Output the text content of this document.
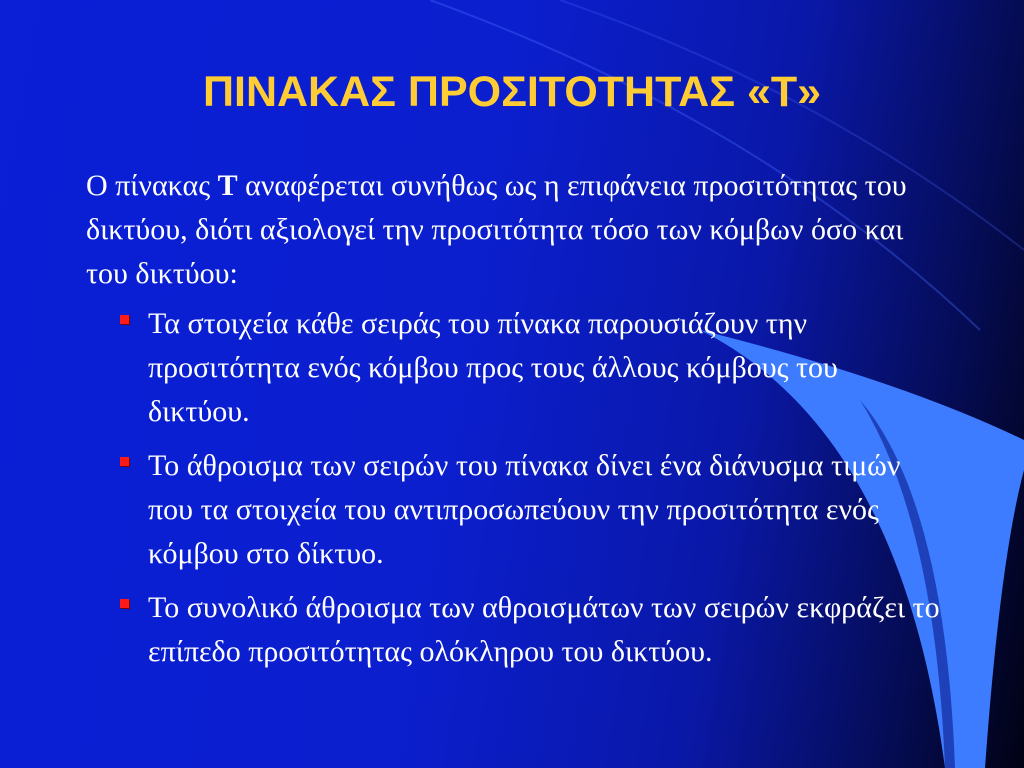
ΠΙΝΑΚΑΣ ΠΡΟΣΙΤΟΤΗΤΑΣ «Τ»

Ο πίνακας Τ αναφέρεται συνήθως ως η επιφάνεια προσιτότητας του δικτύου, διότι αξιολογεί την προσιτότητα τόσο των κόμβων όσο και του δικτύου:

Τα στοιχεία κάθε σειράς του πίνακα παρουσιάζουν την προσιτότητα ενός κόμβου προς τους άλλους κόμβους του δικτύου.
Το άθροισμα των σειρών του πίνακα δίνει ένα διάνυσμα τιμών που τα στοιχεία του αντιπροσωπεύουν την προσιτότητα ενός κόμβου στο δίκτυο.
Το συνολικό άθροισμα των αθροισμάτων των σειρών εκφράζει το επίπεδο προσιτότητας ολόκληρου του δικτύου.
